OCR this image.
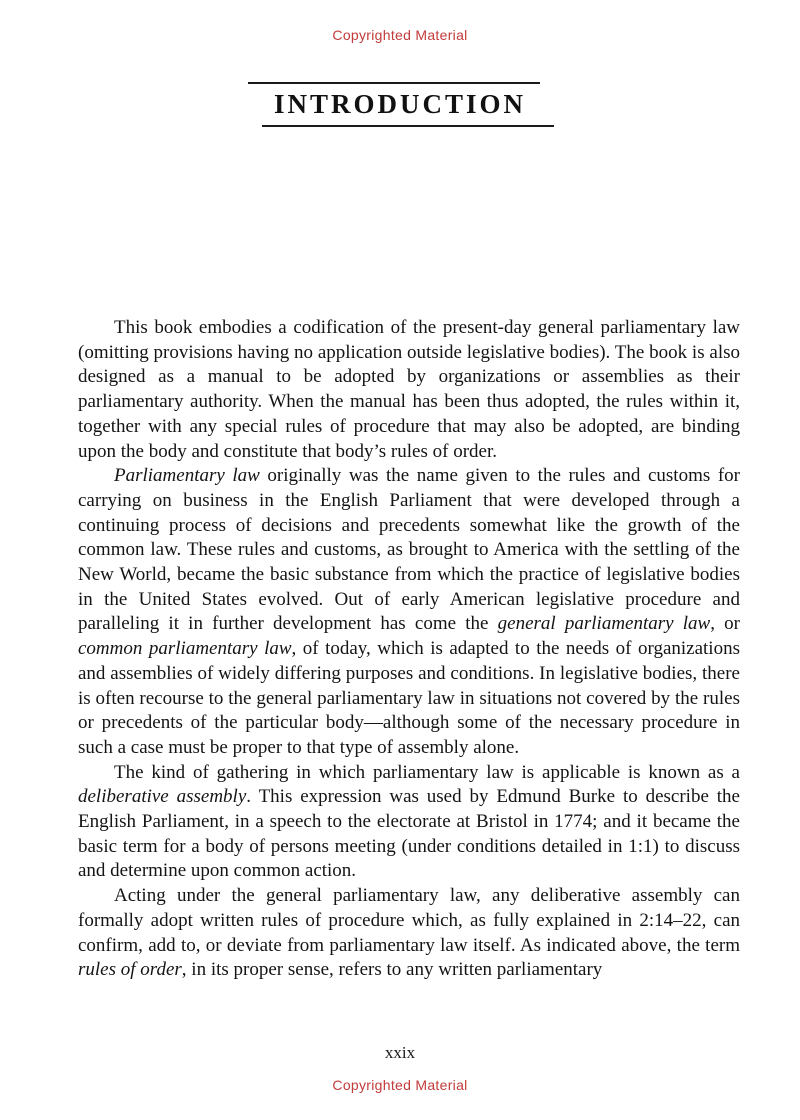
Copyrighted Material
INTRODUCTION

This book embodies a codification of the present-day general parliamentary law (omitting provisions having no application outside legislative bodies). The book is also designed as a manual to be adopted by organizations or assemblies as their parliamentary authority. When the manual has been thus adopted, the rules within it, together with any special rules of procedure that may also be adopted, are binding upon the body and constitute that body’s rules of order.

Parliamentary law originally was the name given to the rules and customs for carrying on business in the English Parliament that were developed through a continuing process of decisions and precedents somewhat like the growth of the common law. These rules and customs, as brought to America with the settling of the New World, became the basic substance from which the practice of legislative bodies in the United States evolved. Out of early American legislative procedure and paralleling it in further development has come the general parliamentary law, or common parliamentary law, of today, which is adapted to the needs of organizations and assemblies of widely differing purposes and conditions. In legislative bodies, there is often recourse to the general parliamentary law in situations not covered by the rules or precedents of the particular body—although some of the necessary procedure in such a case must be proper to that type of assembly alone.

The kind of gathering in which parliamentary law is applicable is known as a deliberative assembly. This expression was used by Edmund Burke to describe the English Parliament, in a speech to the electorate at Bristol in 1774; and it became the basic term for a body of persons meeting (under conditions detailed in 1:1) to discuss and determine upon common action.

Acting under the general parliamentary law, any deliberative assembly can formally adopt written rules of procedure which, as fully explained in 2:14–22, can confirm, add to, or deviate from parliamentary law itself. As indicated above, the term rules of order, in its proper sense, refers to any written parliamentary

xxix
Copyrighted Material
